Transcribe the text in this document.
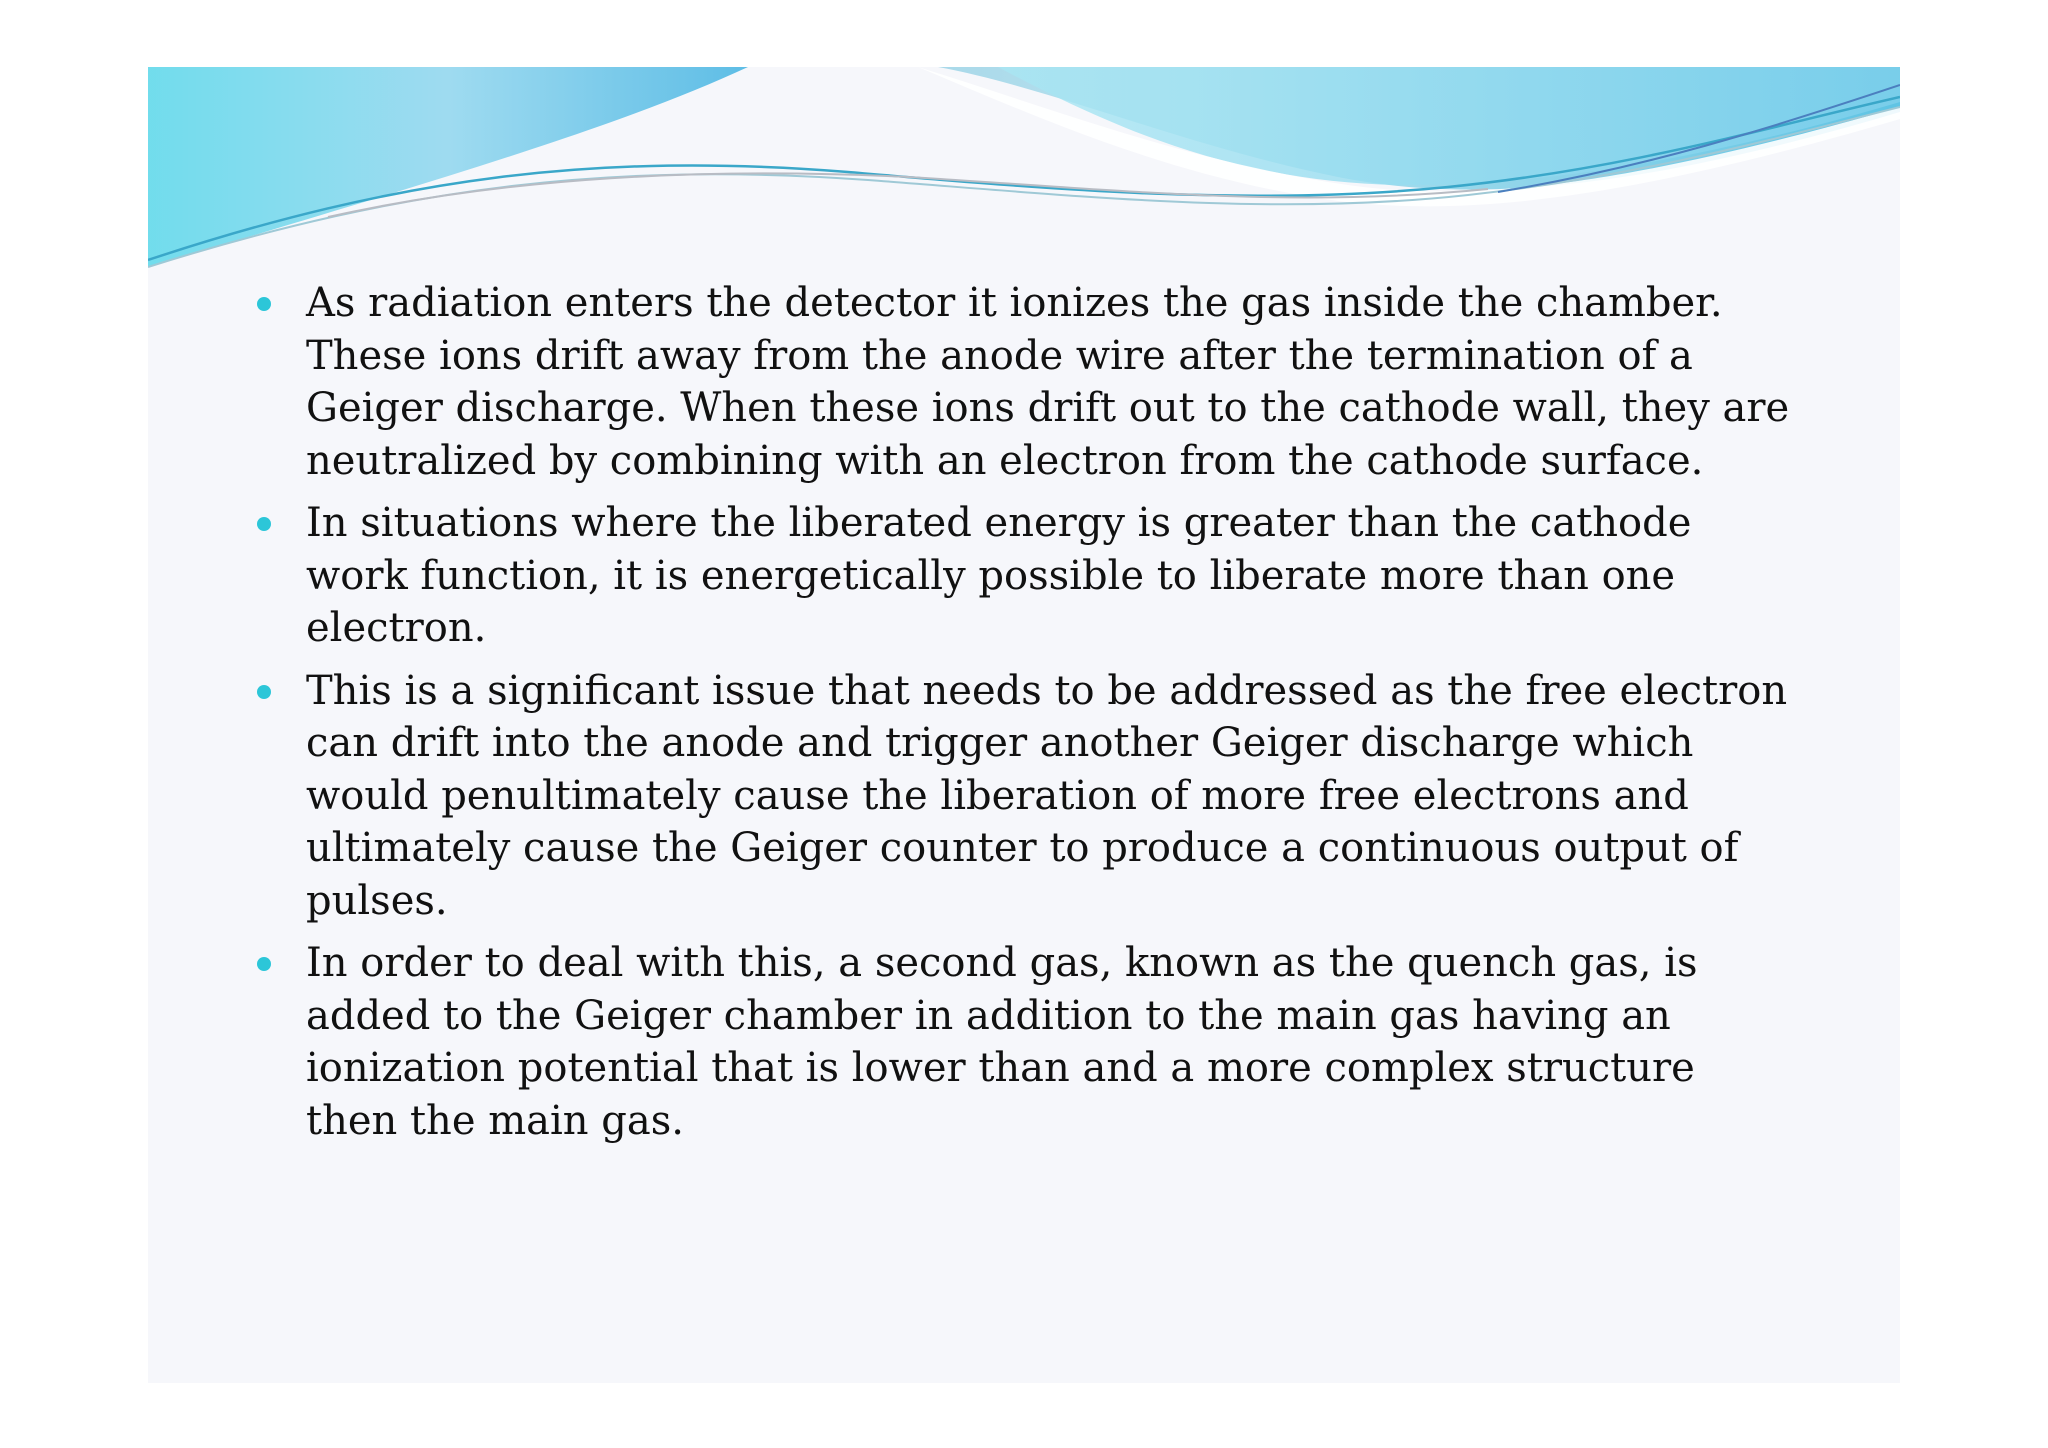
As radiation enters the detector it ionizes the gas inside the chamber. These ions drift away from the anode wire after the termination of a Geiger discharge. When these ions drift out to the cathode wall, they are neutralized by combining with an electron from the cathode surface.
In situations where the liberated energy is greater than the cathode work function, it is energetically possible to liberate more than one electron.
This is a significant issue that needs to be addressed as the free electron can drift into the anode and trigger another Geiger discharge which would penultimately cause the liberation of more free electrons and ultimately cause the Geiger counter to produce a continuous output of pulses.
In order to deal with this, a second gas, known as the quench gas, is added to the Geiger chamber in addition to the main gas having an ionization potential that is lower than and a more complex structure then the main gas.
